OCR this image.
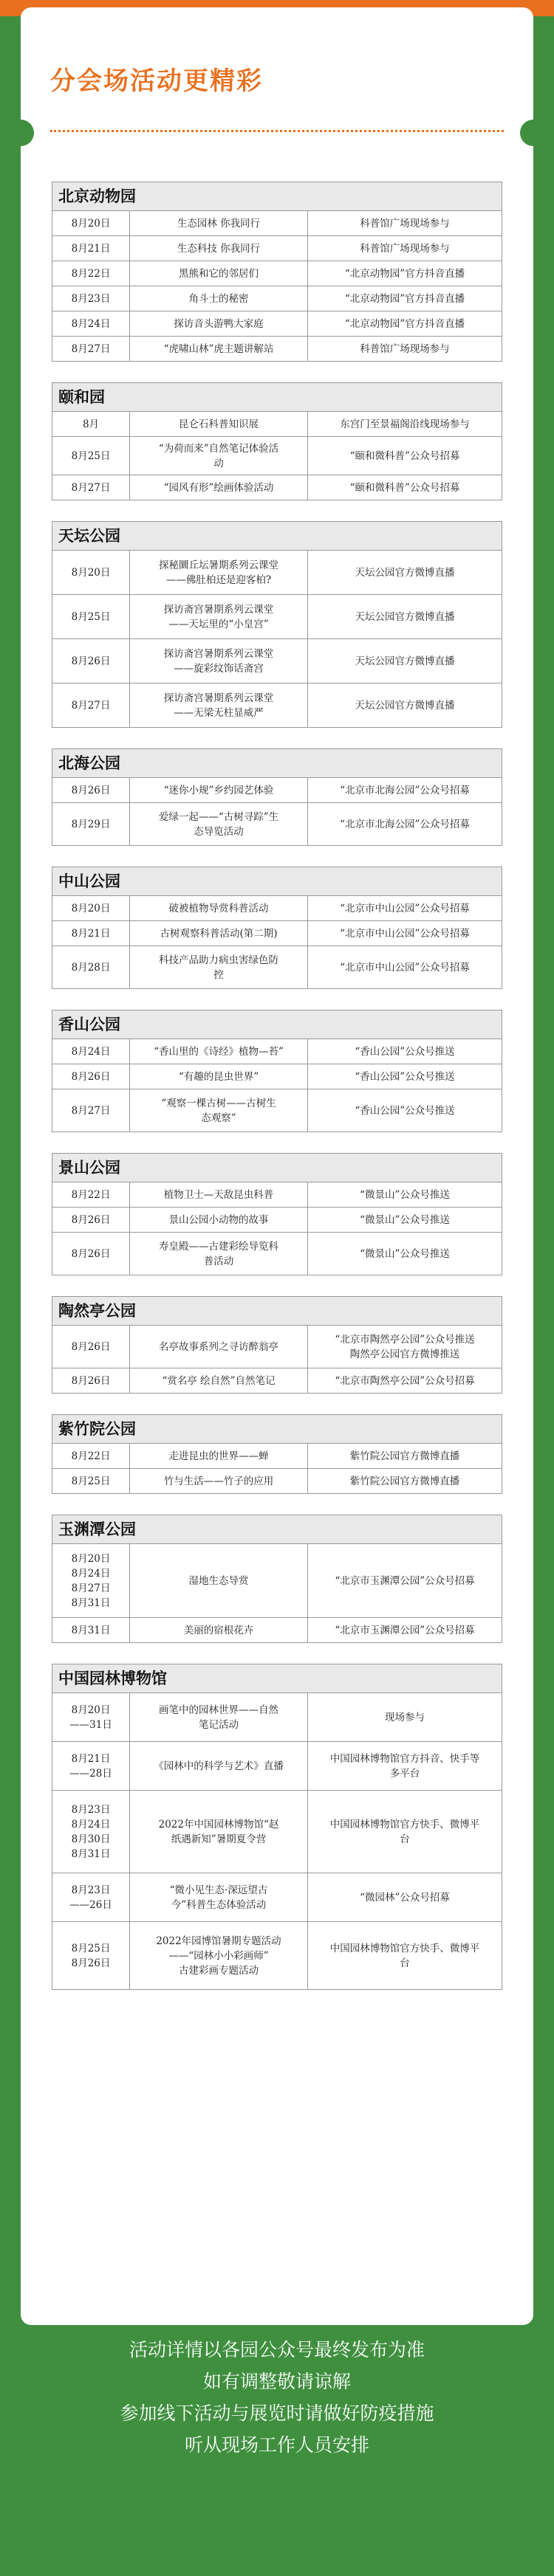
分会场活动更精彩
北京动物园
8月20日	生态园林 你我同行	科普馆广场现场参与

8月21日	生态科技 你我同行	科普馆广场现场参与

8月22日	黑熊和它的邻居们	“北京动物园”官方抖音直播

8月23日	角斗士的秘密	“北京动物园”官方抖音直播

8月24日	探访音头游鸭大家庭	“北京动物园”官方抖音直播

8月27日	“虎啸山林”虎主题讲解站	科普馆广场现场参与
颐和园
8月	昆仑石科普知识展	东宫门至景福阁沿线现场参与

8月25日	“为荷而来”自然笔记体验活
动	“颐和微科普”公众号招募

8月27日	“园风有形”绘画体验活动	“颐和微科普”公众号招募
天坛公园
8月20日	探秘圜丘坛暑期系列云课堂
——佛肚柏还是迎客柏?	天坛公园官方微博直播

8月25日	探访斋宫暑期系列云课堂
——天坛里的“小皇宫”	天坛公园官方微博直播

8月26日	探访斋宫暑期系列云课堂
——旋彩纹饰话斋宫	天坛公园官方微博直播

8月27日	探访斋宫暑期系列云课堂
——无梁无柱显威严	天坛公园官方微博直播
北海公园
8月26日	“迷你小规”乡约园艺体验	“北京市北海公园”公众号招募

8月29日	爱绿一起——“古树寻踪”生
态导览活动	“北京市北海公园”公众号招募
中山公园
8月20日	破被植物导赏科普活动	“北京市中山公园”公众号招募

8月21日	古树观察科普活动(第二期)	“北京市中山公园”公众号招募

8月28日	科技产品助力病虫害绿色防
控	“北京市中山公园”公众号招募
香山公园
8月24日	“香山里的《诗经》植物—苔”	“香山公园”公众号推送

8月26日	“有趣的昆虫世界”	“香山公园”公众号推送

8月27日	“观察一棵古树——古树生
态观察”	“香山公园”公众号推送
景山公园
8月22日	植物卫士—天敌昆虫科普	“微景山”公众号推送

8月26日	景山公园小动物的故事	“微景山”公众号推送

8月26日	寿皇殿——古建彩绘导览科
普活动	“微景山”公众号推送
陶然亭公园
8月26日	名亭故事系列之寻访醉翁亭	“北京市陶然亭公园”公众号推送
陶然亭公园官方微博推送

8月26日	“赏名亭 绘自然”自然笔记	“北京市陶然亭公园”公众号招募
紫竹院公园
8月22日	走进昆虫的世界——蝉	紫竹院公园官方微博直播

8月25日	竹与生活——竹子的应用	紫竹院公园官方微博直播
玉渊潭公园
8月20日
8月24日
8月27日
8月31日	湿地生态导赏	“北京市玉渊潭公园”公众号招募

8月31日	美丽的宿根花卉	“北京市玉渊潭公园”公众号招募
中国园林博物馆
8月20日
——31日	画笔中的园林世界——自然
笔记活动	现场参与

8月21日
——28日	《园林中的科学与艺术》直播	中国园林博物馆官方抖音、快手等
多平台

8月23日
8月24日
8月30日
8月31日	2022年中国园林博物馆“赵
纸遇新知”暑期夏令营	中国园林博物馆官方快手、微博平
台

8月23日
——26日	“微小见生态·深远望古
今”科普生态体验活动	“微园林”公众号招募

8月25日
8月26日	2022年园博馆暑期专题活动
——“园林小小彩画师”
古建彩画专题活动	中国园林博物馆官方快手、微博平
台
活动详情以各园公众号最终发布为准
如有调整敬请谅解
参加线下活动与展览时请做好防疫措施
听从现场工作人员安排
